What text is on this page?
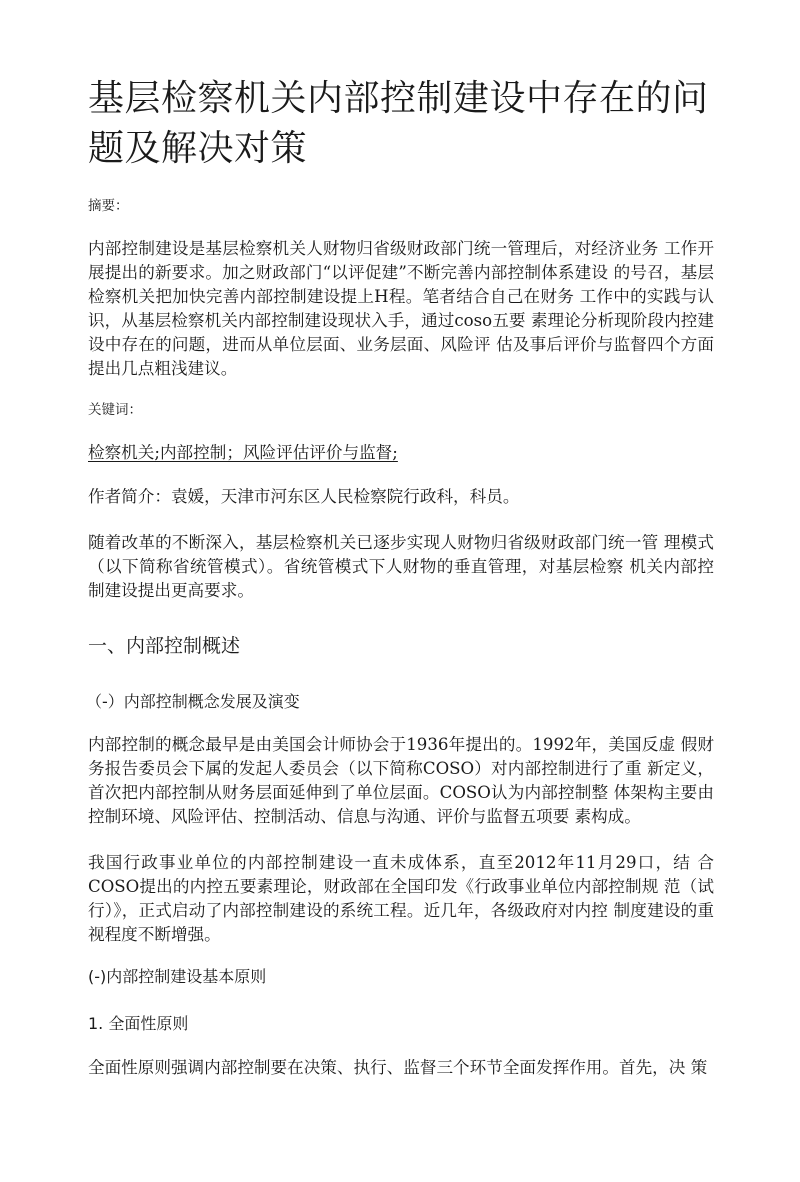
基层检察机关内部控制建设中存在的问题及解决对策

摘要：

内部控制建设是基层检察机关人财物归省级财政部门统一管理后，对经济业务 工作开展提出的新要求。加之财政部门“以评促建”不断完善内部控制体系建设 的号召，基层检察机关把加快完善内部控制建设提上H程。笔者结合自己在财务 工作中的实践与认识，从基层检察机关内部控制建设现状入手，通过coso五要 素理论分析现阶段内控建设中存在的问题，进而从单位层面、业务层面、风险评 估及事后评价与监督四个方面提出几点粗浅建议。

关键词：

检察机关;内部控制；风险评估评价与监督;

作者简介：袁媛，天津市河东区人民检察院行政科，科员。

随着改革的不断深入，基层检察机关已逐步实现人财物归省级财政部门统一管 理模式（以下简称省统管模式）。省统管模式下人财物的垂直管理，对基层检察 机关内部控制建设提出更高要求。

一、内部控制概述
（-）内部控制概念发展及演变

内部控制的概念最早是由美国会计师协会于1936年提出的。1992年，美国反虚 假财务报告委员会下属的发起人委员会（以下简称COSO）对内部控制进行了重 新定义，首次把内部控制从财务层面延伸到了单位层面。COSO认为内部控制整 体架构主要由控制环境、风险评估、控制活动、信息与沟通、评价与监督五项要 素构成。

我国行政事业单位的内部控制建设一直未成体系，直至2012年11月29口，结 合COSO提出的内控五要素理论，财政部在全国印发《行政事业单位内部控制规 范（试行）》，正式启动了内部控制建设的系统工程。近几年，各级政府对内控 制度建设的重视程度不断增强。

(-)内部控制建设基本原则
1. 全面性原则

全面性原则强调内部控制要在决策、执行、监督三个环节全面发挥作用。首先，决 策
